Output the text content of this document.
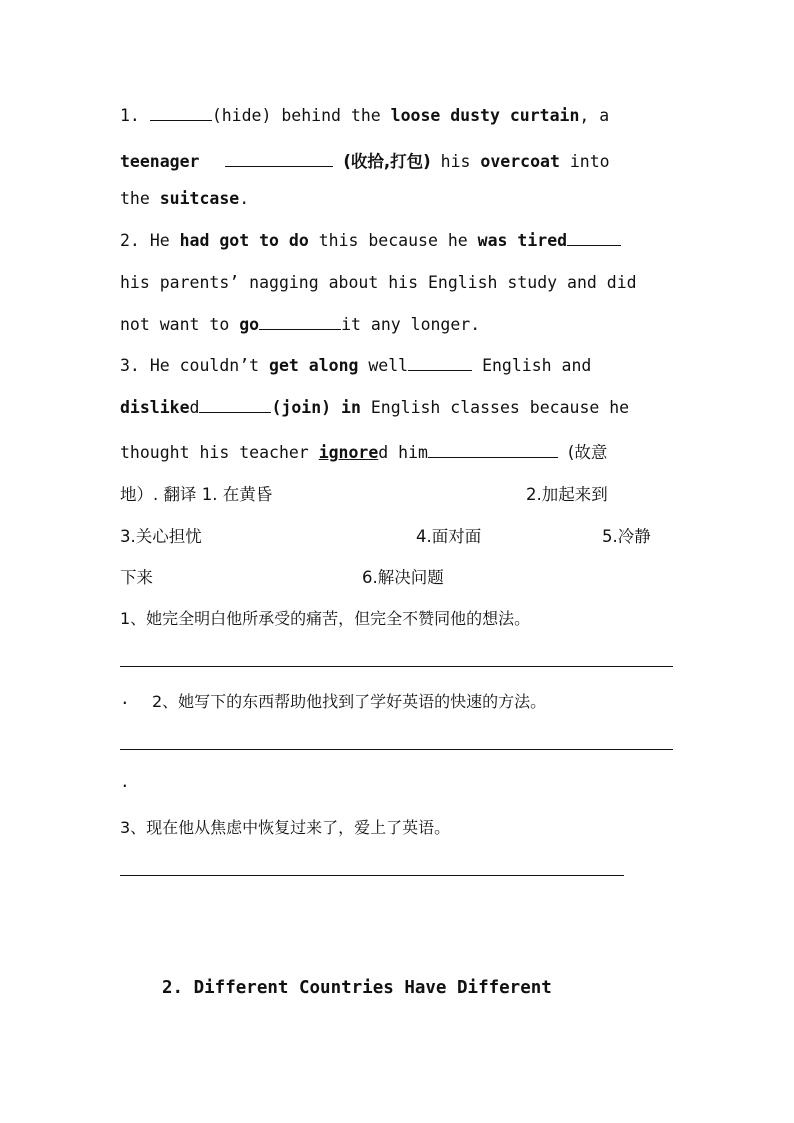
1.	(hide) behind the loose dusty curtain, a
teenager	(收拾,打包) his overcoat into
the suitcase.
2. He had got to do this because he was tired
his parents’ nagging about his English study and did
not want to go	it any longer.
3. He couldn’t get along well	English and
disliked	(join) in English classes because he
thought his teacher ignored him	(故意
地）. 翻译 1. 在黄昏	2.加起来到
3.关心担忧	4.面对面	5.冷静
下来	6.解决问题
1、她完全明白他所承受的痛苦，但完全不赞同他的想法。
. 2、她写下的东西帮助他找到了学好英语的快速的方法。
.
3、现在他从焦虑中恢复过来了，爱上了英语。
2. Different Countries Have Different
